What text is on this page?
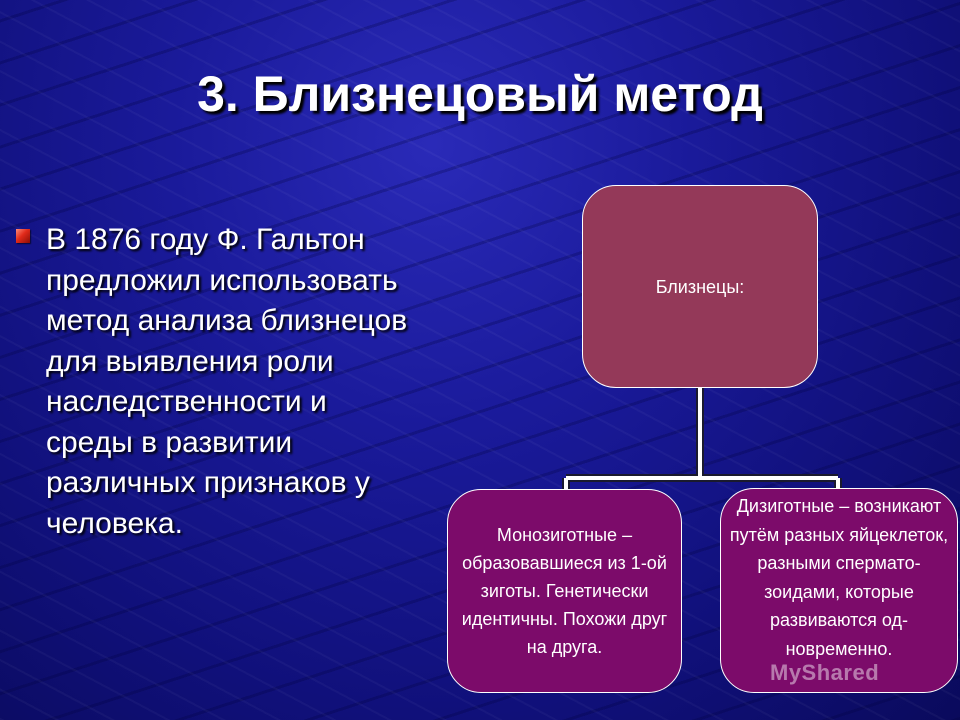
3. Близнецовый метод
В 1876 году Ф. Гальтон предложил использовать метод анализа близнецов для выявления роли наследственности и среды в развитии различных признаков у человека.
Близнецы:
Монозиготные – образовавшиеся из 1-ой зиготы. Генетически идентичны. Похожи друг на друга.
Дизиготные – возникают путём разных яйцеклеток, разными спермато-зоидами, которые развиваются од-новременно.
MyShared
